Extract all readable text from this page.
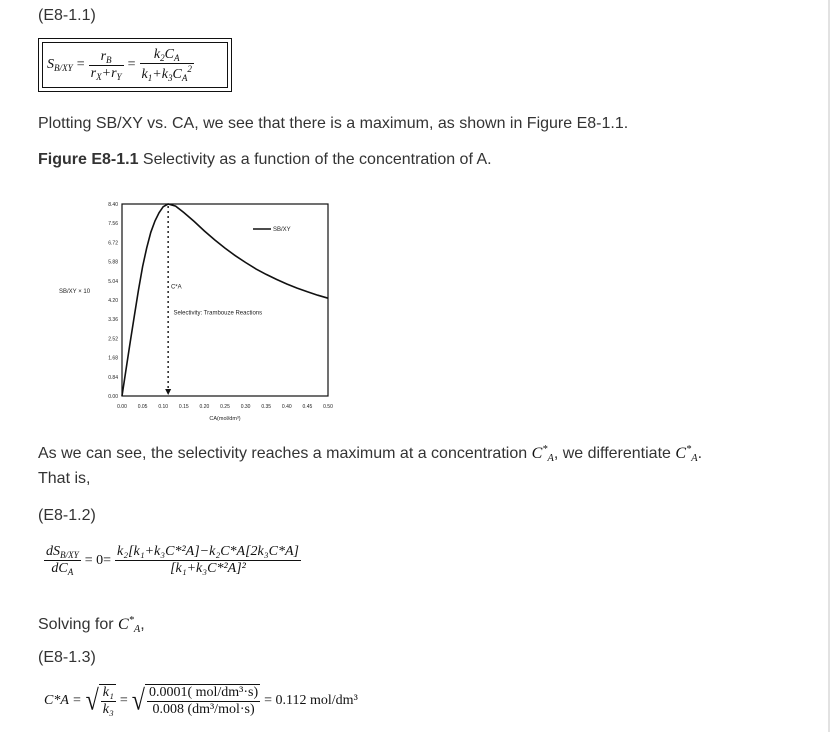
(E8-1.1)
$S_{B/XY} = \frac{r_B}{r_X+r_Y} = \frac{k_2C_A}{k_1+k_3C_A^2}$
Plotting SB/XY vs. CA, we see that there is a maximum, as shown in Figure E8-1.1.
Figure E8-1.1 Selectivity as a function of the concentration of A.
0.00
0.84
1.68
2.52
3.36
4.20
5.04
5.88
6.72
7.56
8.40
0.00 0.05 0.10 0.15 0.20 0.25 0.30 0.35 0.40 0.45 0.50
CA(mol/dm³)
SB/XY × 10
C*A
Selectivity: Trambouze Reactions
SB/XY
As we can see, the selectivity reaches a maximum at a concentration $C^*_A$, we differentiate $C^*_A$.
That is,
(E8-1.2)
$\frac{dS_{B/XY}}{dC_A} = 0= \frac{\text{k₂[k₁+k₃C*²A]−k₂C*A[2k₃C*A]}}{\text{[k₁+k₃C*²A]²}}$
Solving for $C^*_A$,
(E8-1.3)
C*A = √ $\frac{\text{k₁}}{\text{k₃}}$ = √ $\frac{\text{0.0001( mol/dm³·s)}}{\text{0.008 (dm³/mol·s)}} = 0.112$ mol/dm³
